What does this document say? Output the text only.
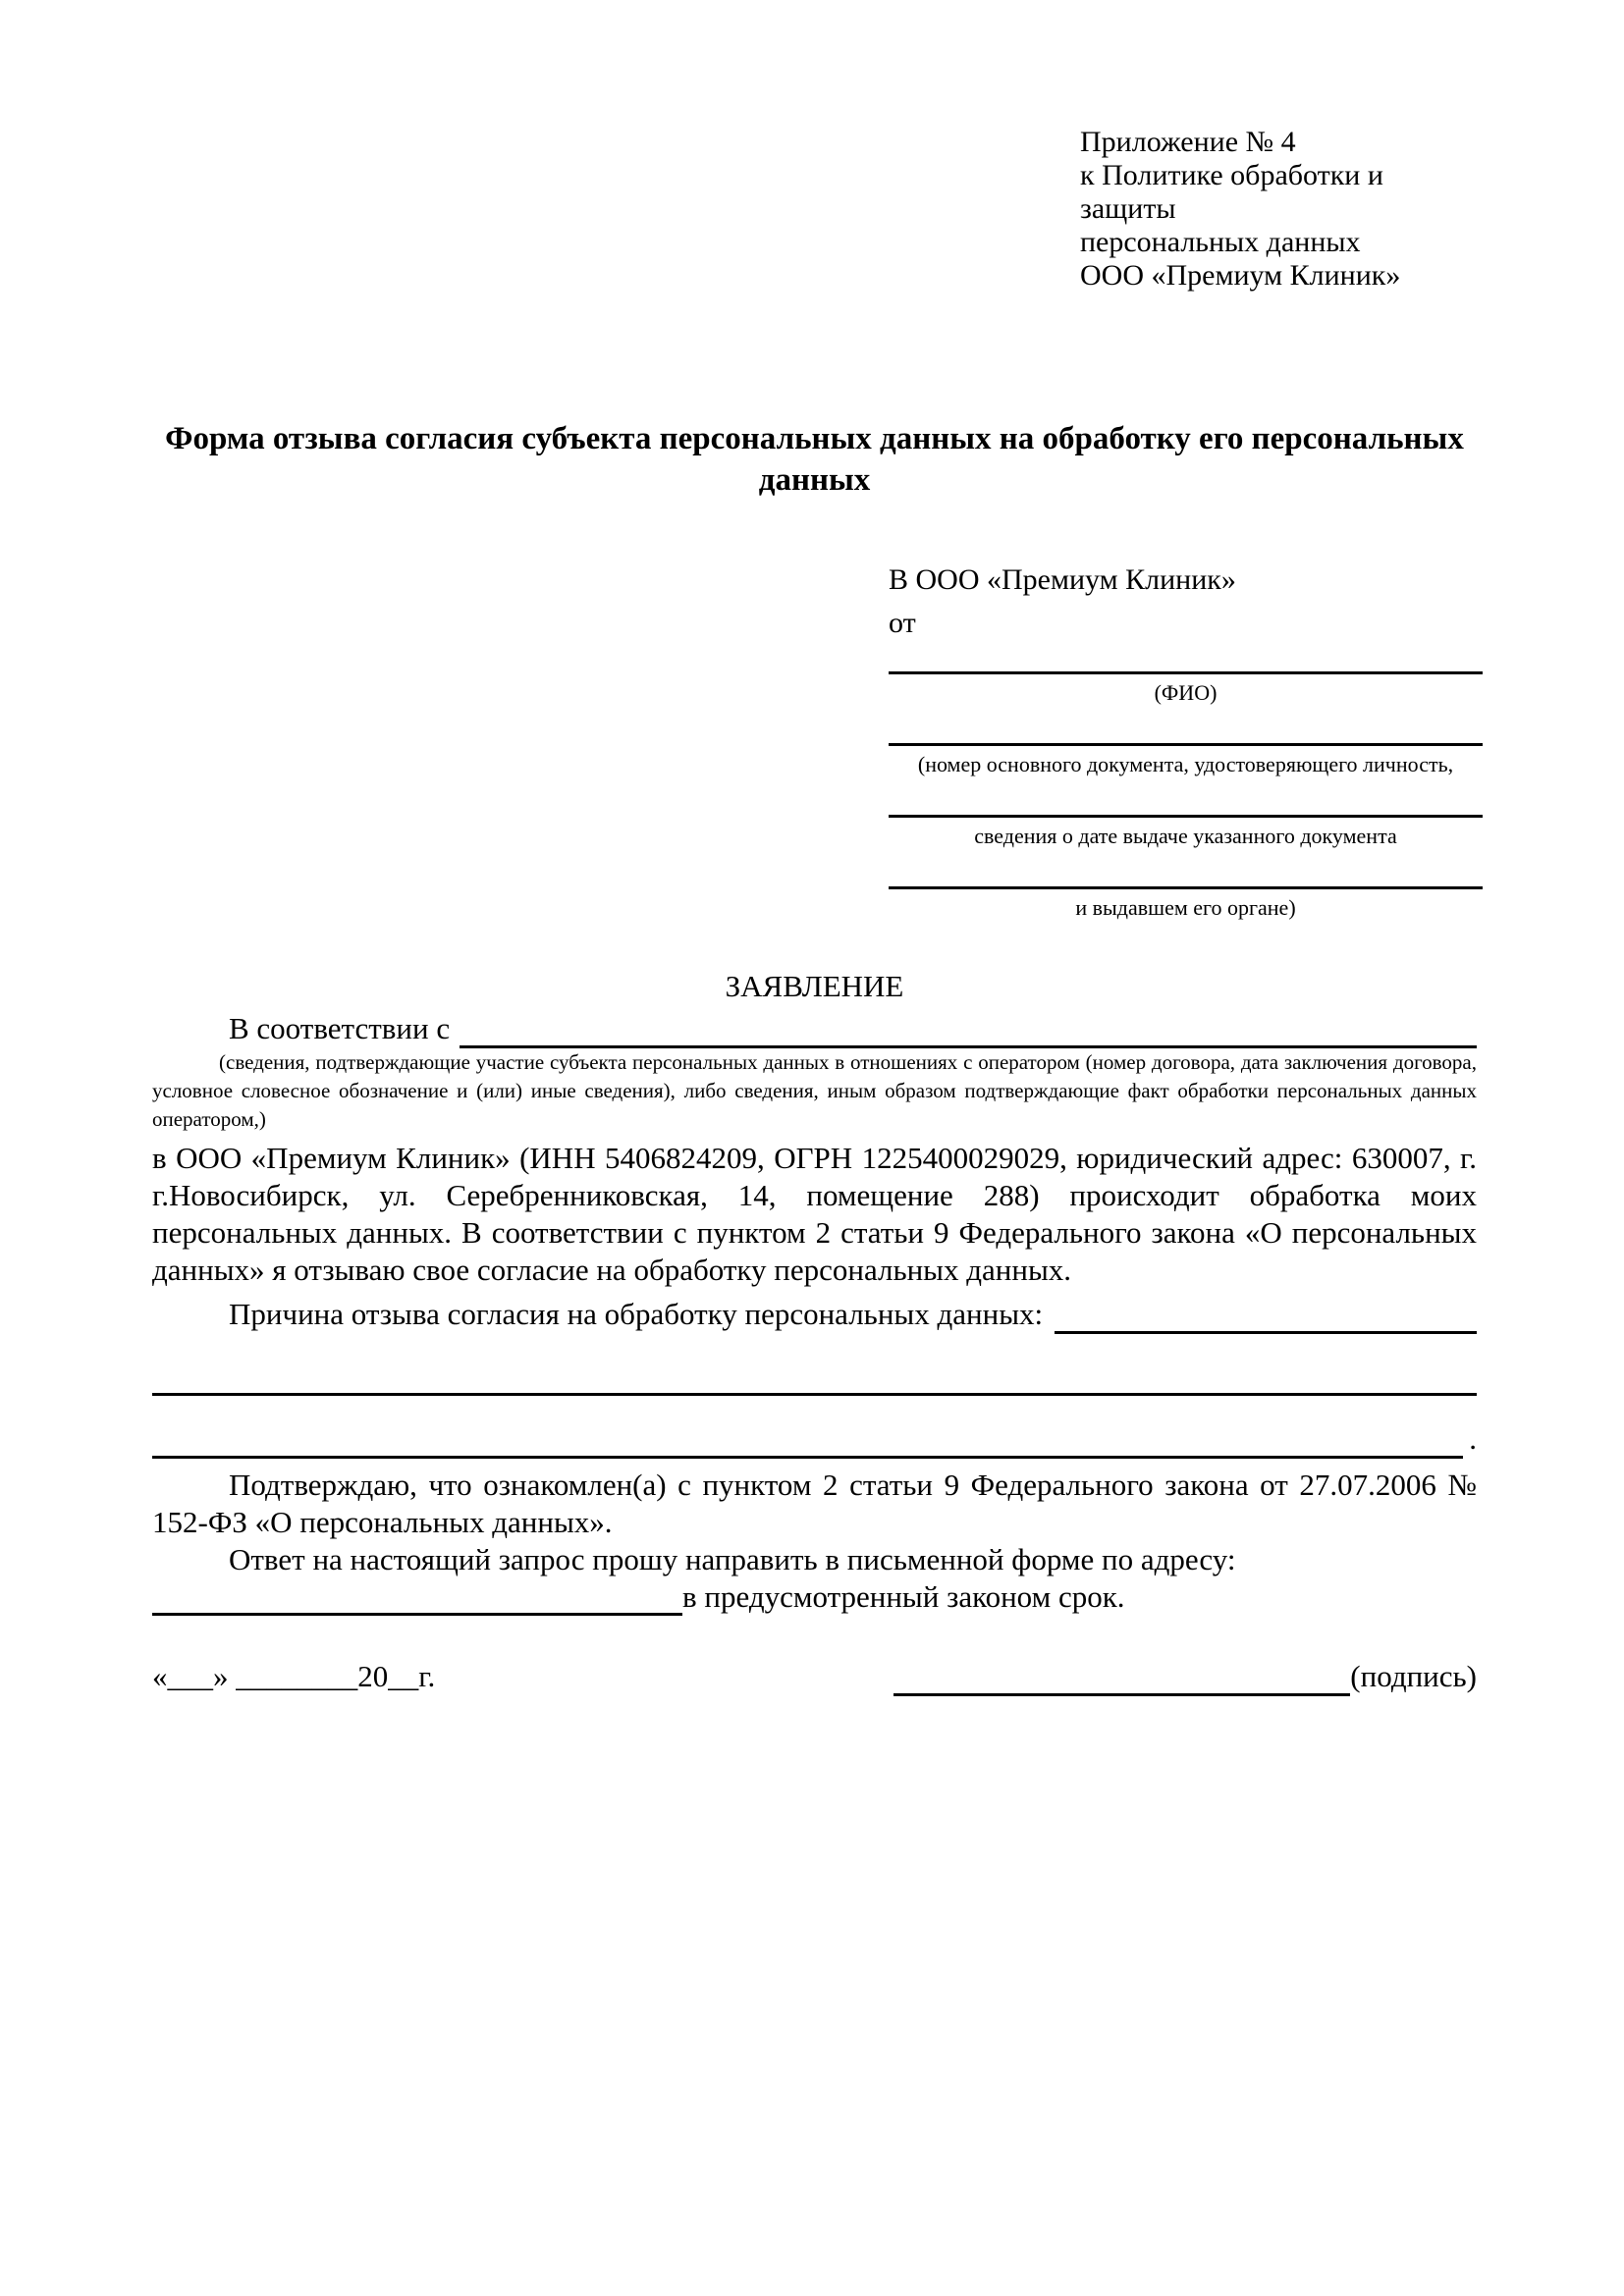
Приложение № 4
к Политике обработки и защиты
персональных данных
ООО «Премиум Клиник»
Форма отзыва согласия субъекта персональных данных на обработку его персональных данных
В ООО «Премиум Клиник»
от
(ФИО)
(номер основного документа, удостоверяющего личность,
сведения о дате выдаче указанного документа
и выдавшем его органе)
ЗАЯВЛЕНИЕ
В соответствии с
(сведения, подтверждающие участие субъекта персональных данных в отношениях с оператором (номер договора, дата заключения договора, условное словесное обозначение и (или) иные сведения), либо сведения, иным образом подтверждающие факт обработки персональных данных оператором,)
в ООО «Премиум Клиник» (ИНН 5406824209, ОГРН 1225400029029, юридический адрес: 630007, г. г.Новосибирск, ул. Серебренниковская, 14, помещение 288) происходит обработка моих персональных данных. В соответствии с пунктом 2 статьи 9 Федерального закона «О персональных данных» я отзываю свое согласие на обработку персональных данных.
Причина отзыва согласия на обработку персональных данных:
.
Подтверждаю, что ознакомлен(а) с пунктом 2 статьи 9 Федерального закона от 27.07.2006 № 152-ФЗ «О персональных данных».
Ответ на настоящий запрос прошу направить в письменной форме по адресу:
в предусмотренный законом срок.
«___» ________20__г.	(подпись)
